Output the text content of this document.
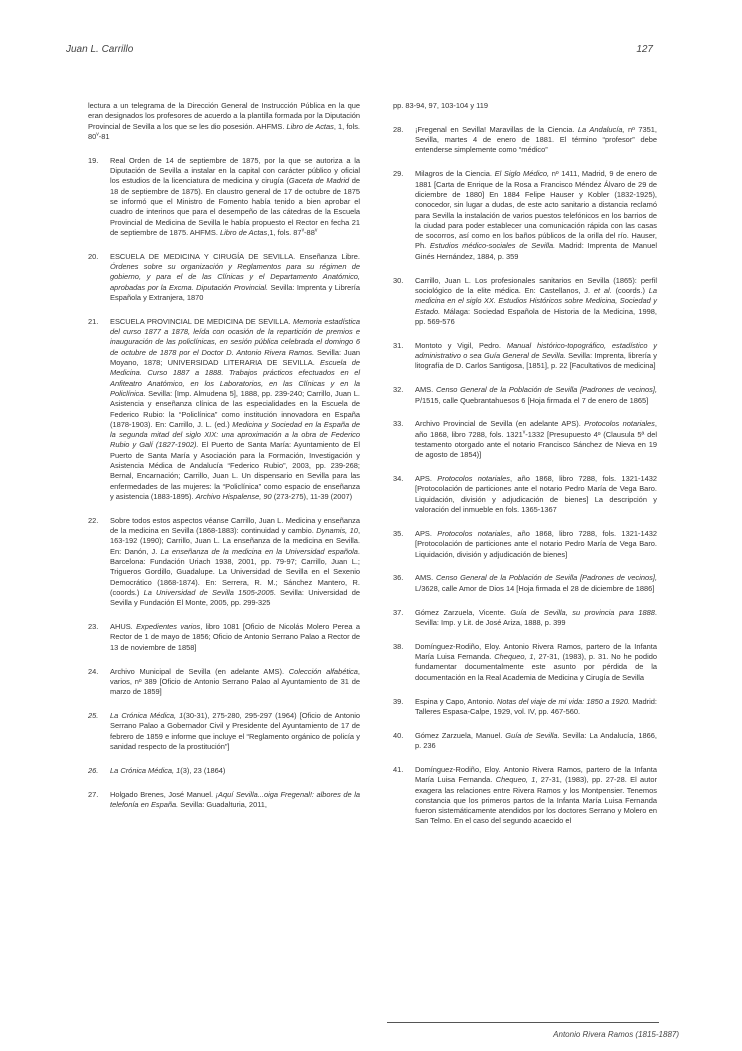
Juan L. Carrillo	127
lectura a un telegrama de la Dirección General de Instrucción Pública en la que eran designados los profesores de acuerdo a la plantilla formada por la Diputación Provincial de Sevilla a los que se les dio posesión. AHFMS. Libro de Actas, 1, fols. 80$^v$-81
19. Real Orden de 14 de septiembre de 1875, por la que se autoriza a la Diputación de Sevilla a instalar en la capital con carácter público y oficial los estudios de la licenciatura de medicina y cirugía (Gaceta de Madrid de 18 de septiembre de 1875). En claustro general de 17 de octubre de 1875 se informó que el Ministro de Fomento había tenido a bien aprobar el cuadro de interinos que para el desempeño de las cátedras de la Escuela Provincial de Medicina de Sevilla le había propuesto el Rector en fecha 21 de septiembre de 1875. AHFMS. Libro de Actas,1, fols. 87$^v$-88$^v$
20. ESCUELA DE MEDICINA Y CIRUGÍA DE SEVILLA. Enseñanza Libre. Órdenes sobre su organización y Reglamentos para su régimen de gobierno, y para el de las Clínicas y el Departamento Anatómico, aprobadas por la Excma. Diputación Provincial. Sevilla: Imprenta y Librería Española y Extranjera, 1870
21. ESCUELA PROVINCIAL DE MEDICINA DE SEVILLA. Memoria estadística del curso 1877 a 1878, leída con ocasión de la repartición de premios e inauguración de las policlínicas, en sesión pública celebrada el domingo 6 de octubre de 1878 por el Doctor D. Antonio Rivera Ramos. Sevilla: Juan Moyano, 1878; UNIVERSIDAD LITERARIA DE SEVILLA. Escuela de Medicina. Curso 1887 a 1888. Trabajos prácticos efectuados en el Anfiteatro Anatómico, en los Laboratorios, en las Clínicas y en la Policlínica. Sevilla: [Imp. Almudena 5], 1888, pp. 239-240; Carrillo, Juan L. Asistencia y enseñanza clínica de las especialidades en la Escuela de Federico Rubio: la “Policlínica” como institución innovadora en España (1878-1903). En: Carrillo, J. L. (ed.) Medicina y Sociedad en la España de la segunda mitad del siglo XIX: una aproximación a la obra de Federico Rubio y Galí (1827-1902). El Puerto de Santa María: Ayuntamiento de El Puerto de Santa María y Asociación para la Formación, Investigación y Asistencia Médica de Andalucía “Federico Rubio”, 2003, pp. 239-268; Bernal, Encarnación; Carrillo, Juan L. Un dispensario en Sevilla para las enfermedades de las mujeres: la “Policlínica” como espacio de enseñanza y asistencia (1883-1895). Archivo Hispalense, 90 (273-275), 11-39 (2007)
22. Sobre todos estos aspectos véanse Carrillo, Juan L. Medicina y enseñanza de la medicina en Sevilla (1868-1883): continuidad y cambio. Dynamis, 10, 163-192 (1990); Carrillo, Juan L. La enseñanza de la medicina en Sevilla. En: Danón, J. La enseñanza de la medicina en la Universidad española. Barcelona: Fundación Uriach 1938, 2001, pp. 79-97; Carrillo, Juan L.; Trigueros Gordillo, Guadalupe. La Universidad de Sevilla en el Sexenio Democrático (1868-1874). En: Serrera, R. M.; Sánchez Mantero, R. (coords.) La Universidad de Sevilla 1505-2005. Sevilla: Universidad de Sevilla y Fundación El Monte, 2005, pp. 299-325
23. AHUS. Expedientes varios, libro 1081 [Oficio de Nicolás Molero Perea a Rector de 1 de mayo de 1856; Oficio de Antonio Serrano Palao a Rector de 13 de noviembre de 1858]
24. Archivo Municipal de Sevilla (en adelante AMS). Colección alfabética, varios, nº 389 [Oficio de Antonio Serrano Palao al Ayuntamiento de 31 de marzo de 1859]
25. La Crónica Médica, 1(30-31), 275-280, 295-297 (1964) [Oficio de Antonio Serrano Palao a Gobernador Civil y Presidente del Ayuntamiento de 17 de febrero de 1859 e informe que incluye el “Reglamento orgánico de policía y sanidad respecto de la prostitución”]
26. La Crónica Médica, 1(3), 23 (1864)
27. Holgado Brenes, José Manuel. ¡Aquí Sevilla...oiga Fregenal!: albores de la telefonía en España. Sevilla: Guadalturia, 2011,
pp. 83-94, 97, 103-104 y 119
28. ¡Fregenal en Sevilla! Maravillas de la Ciencia. La Andalucía, nº 7351, Sevilla, martes 4 de enero de 1881. El término “profesor” debe entenderse simplemente como “médico”
29. Milagros de la Ciencia. El Siglo Médico, nº 1411, Madrid, 9 de enero de 1881 [Carta de Enrique de la Rosa a Francisco Méndez Álvaro de 29 de diciembre de 1880] En 1884 Felipe Hauser y Kobler (1832-1925), conocedor, sin lugar a dudas, de este acto sanitario a distancia reclamó para Sevilla la instalación de varios puestos telefónicos en los barrios de la ciudad para poder establecer una comunicación rápida con las casas de socorros, así como en los baños públicos de la orilla del río. Hauser, Ph. Estudios médico-sociales de Sevilla. Madrid: Imprenta de Manuel Ginés Hernández, 1884, p. 359
30. Carrillo, Juan L. Los profesionales sanitarios en Sevilla (1865): perfil sociológico de la elite médica. En: Castellanos, J. et al. (coords.) La medicina en el siglo XX. Estudios Históricos sobre Medicina, Sociedad y Estado. Málaga: Sociedad Española de Historia de la Medicina, 1998, pp. 569-576
31. Montoto y Vigil, Pedro. Manual histórico-topográfico, estadístico y administrativo o sea Guía General de Sevilla. Sevilla: Imprenta, librería y litografía de D. Carlos Santigosa, [1851], p. 22 [Facultativos de medicina]
32. AMS. Censo General de la Población de Sevilla [Padrones de vecinos], P/1515, calle Quebrantahuesos 6 [Hoja firmada el 7 de enero de 1865]
33. Archivo Provincial de Sevilla (en adelante APS). Protocolos notariales, año 1868, libro 7288, fols. 1321$^v$-1332 [Presupuesto 4º (Clausula 5ª del testamento otorgado ante el notario Francisco Sánchez de Nieva en 19 de agosto de 1854)]
34. APS. Protocolos notariales, año 1868, libro 7288, fols. 1321-1432 [Protocolación de particiones ante el notario Pedro María de Vega Baro. Liquidación, división y adjudicación de bienes] La descripción y valoración del inmueble en fols. 1365-1367
35. APS. Protocolos notariales, año 1868, libro 7288, fols. 1321-1432 [Protocolación de particiones ante el notario Pedro María de Vega Baro. Liquidación, división y adjudicación de bienes]
36. AMS. Censo General de la Población de Sevilla [Padrones de vecinos], L/3628, calle Amor de Dios 14 [Hoja firmada el 28 de diciembre de 1886]
37. Gómez Zarzuela, Vicente. Guía de Sevilla, su provincia para 1888. Sevilla: Imp. y Lit. de José Ariza, 1888, p. 399
38. Domínguez-Rodiño, Eloy. Antonio Rivera Ramos, partero de la Infanta María Luisa Fernanda. Chequeo, 1, 27-31, (1983), p. 31. No he podido fundamentar documentalmente este asunto por pérdida de la documentación en la Real Academia de Medicina y Cirugía de Sevilla
39. Espina y Capo, Antonio. Notas del viaje de mi vida: 1850 a 1920. Madrid: Talleres Espasa-Calpe, 1929, vol. IV, pp. 467-560.
40. Gómez Zarzuela, Manuel. Guía de Sevilla. Sevilla: La Andalucía, 1866, p. 236
41. Domínguez-Rodiño, Eloy. Antonio Rivera Ramos, partero de la Infanta María Luisa Fernanda. Chequeo, 1, 27-31, (1983), pp. 27-28. El autor exagera las relaciones entre Rivera Ramos y los Montpensier. Tenemos constancia que los primeros partos de la Infanta María Luisa Fernanda fueron sistemáticamente atendidos por los doctores Serrano y Molero en San Telmo. En el caso del segundo acaecido el
Antonio Rivera Ramos (1815-1887)
